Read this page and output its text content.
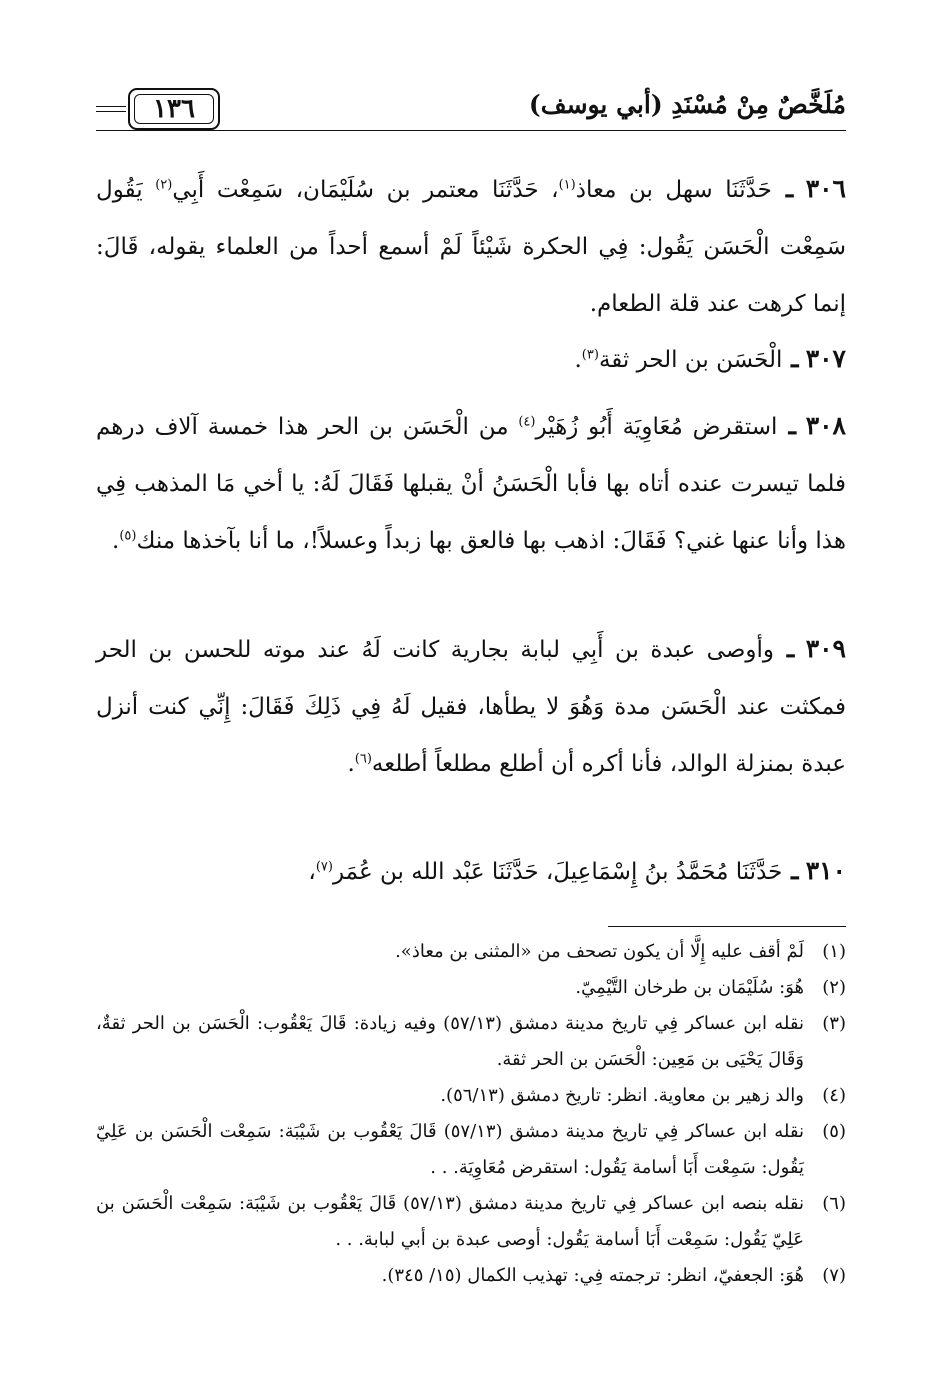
مُلَخَّصٌ مِنْ مُسْنَدِ (أبي يوسف)
١٣٦
٣٠٦ ـ حَدَّثَنَا سهل بن معاذ$^{(١)}$، حَدَّثَنَا معتمر بن سُلَيْمَان، سَمِعْت أَبِي$^{(٢)}$ يَقُول سَمِعْت الْحَسَن يَقُول: فِي الحكرة شَيْئاً لَمْ أسمع أحداً من العلماء يقوله، قَالَ: إنما كرهت عند قلة الطعام.
٣٠٧ ـ الْحَسَن بن الحر ثقة$^{(٣)}$.
٣٠٨ ـ استقرض مُعَاوِيَة أَبُو زُهَيْر$^{(٤)}$ من الْحَسَن بن الحر هذا خمسة آلاف درهم فلما تيسرت عنده أتاه بها فأبا الْحَسَنُ أنْ يقبلها فَقَالَ لَهُ: يا أخي مَا المذهب فِي هذا وأنا عنها غني؟ فَقَالَ: اذهب بها فالعق بها زبداً وعسلاً!، ما أنا بآخذها منك$^{(٥)}$.
٣٠٩ ـ وأوصى عبدة بن أَبِي لبابة بجارية كانت لَهُ عند موته للحسن بن الحر فمكثت عند الْحَسَن مدة وَهُوَ لا يطأها، فقيل لَهُ فِي ذَلِكَ فَقَالَ: إِنِّي كنت أنزل عبدة بمنزلة الوالد، فأنا أكره أن أطلع مطلعاً أطلعه$^{(٦)}$.
٣١٠ ـ حَدَّثَنَا مُحَمَّدُ بنُ إِسْمَاعِيلَ، حَدَّثَنَا عَبْد الله بن عُمَر$^{(٧)}$،
(١)
لَمْ أقف عليه إِلَّا أن يكون تصحف من «المثنى بن معاذ».
(٢)
هُوَ: سُلَيْمَان بن طرخان التَّيْمِيّ.
(٣)
نقله ابن عساكر فِي تاريخ مدينة دمشق (٥٧/١٣) وفيه زيادة: قَالَ يَعْقُوب: الْحَسَن بن الحر ثقةٌ، وَقَالَ يَحْيَى بن مَعِين: الْحَسَن بن الحر ثقة.
(٤)
والد زهير بن معاوية. انظر: تاريخ دمشق (٥٦/١٣).
(٥)
نقله ابن عساكر فِي تاريخ مدينة دمشق (٥٧/١٣) قَالَ يَعْقُوب بن شَيْبَة: سَمِعْت الْحَسَن بن عَلِيّ يَقُول: سَمِعْت أَبَا أسامة يَقُول: استقرض مُعَاوِيَة. . .
(٦)
نقله بنصه ابن عساكر فِي تاريخ مدينة دمشق (٥٧/١٣) قَالَ يَعْقُوب بن شَيْبَة: سَمِعْت الْحَسَن بن عَلِيّ يَقُول: سَمِعْت أَبَا أسامة يَقُول: أوصى عبدة بن أبي لبابة. . .
(٧)
هُوَ: الجعفيّ، انظر: ترجمته فِي: تهذيب الكمال (١٥/ ٣٤٥).
